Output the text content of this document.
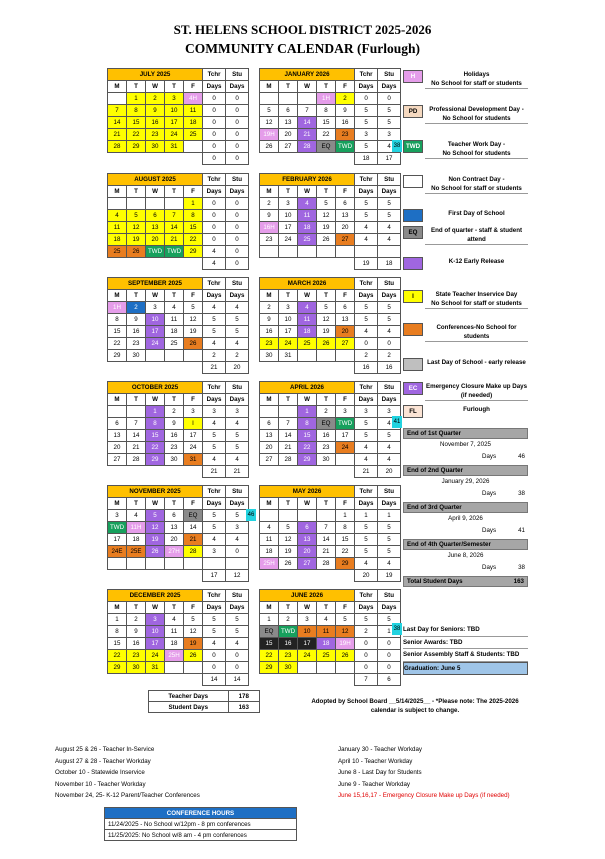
ST. HELENS SCHOOL DISTRICT 2025-2026
COMMUNITY CALENDAR (Furlough)
JULY 2025					Tchr	Stu
M	T	W	T	F	Days	Days
	1	2	3	4H	0	0
7	8	9	10	11	0	0
14	15	16	17	18	0	0
21	22	23	24	25	0	0
28	29	30	31		0	0
					0	0
JANUARY 2026					Tchr	Stu
M	T	W	T	F	Days	Days
			1H	2	0	0
5	6	7	8	9	5	5
12	13	14	15	16	5	5
19H	20	21	22	23	3	3
26	27	28	EQ	TWD	5	4
					18	17
AUGUST 2025					Tchr	Stu
M	T	W	T	F	Days	Days
				1	0	0
4	5	6	7	8	0	0
11	12	13	14	15	0	0
18	19	20	21	22	0	0
25	26	TWD	TWD	29	4	0
					4	0
FEBRUARY 2026					Tchr	Stu
M	T	W	T	F	Days	Days
2	3	4	5	6	5	5
9	10	11	12	13	5	5
16H	17	18	19	20	4	4
23	24	25	26	27	4	4

					19	18
SEPTEMBER 2025					Tchr	Stu
M	T	W	T	F	Days	Days
1H	2	3	4	5	4	4
8	9	10	11	12	5	5
15	16	17	18	19	5	5
22	23	24	25	26	4	4
29	30				2	2
					21	20
MARCH 2026					Tchr	Stu
M	T	W	T	F	Days	Days
2	3	4	5	6	5	5
9	10	11	12	13	5	5
16	17	18	19	20	4	4
23	24	25	26	27	0	0
30	31				2	2
					16	16
OCTOBER 2025					Tchr	Stu
M	T	W	T	F	Days	Days
		1	2	3	3	3
6	7	8	9	I	4	4
13	14	15	16	17	5	5
20	21	22	23	24	5	5
27	28	29	30	31	4	4
					21	21
APRIL 2026					Tchr	Stu
M	T	W	T	F	Days	Days
		1	2	3	3	3
6	7	8	EQ	TWD	5	4
13	14	15	16	17	5	5
20	21	22	23	24	4	4
27	28	29	30		4	4
					21	20
NOVEMBER 2025					Tchr	Stu
M	T	W	T	F	Days	Days
3	4	5	6	EQ	5	5
TWD	11H	12	13	14	5	3
17	18	19	20	21	4	4
24E	25E	26	27H	28	3	0

					17	12
MAY 2026					Tchr	Stu
M	T	W	T	F	Days	Days
				1	1	1
4	5	6	7	8	5	5
11	12	13	14	15	5	5
18	19	20	21	22	5	5
25H	26	27	28	29	4	4
					20	19
DECEMBER 2025					Tchr	Stu
M	T	W	T	F	Days	Days
1	2	3	4	5	5	5
8	9	10	11	12	5	5
15	16	17	18	19	4	4
22	23	24	25H	26	0	0
29	30	31			0	0
					14	14
JUNE 2026					Tchr	Stu
M	T	W	T	F	Days	Days
1	2	3	4	5	5	5
EQ	TWD	10	11	12	2	1
15	16	17	18	19H	0	0
22	23	24	25	26	0	0
29	30				0	0
					7	6
38
41
46
38
H	Holidays
No School for staff or students
PD	Professional Development Day -
No School for students
TWD	Teacher Work Day -
No School for students
Non Contract Day -
No School for staff or students
First Day of School
EQ	End of quarter - staff & student
attend
K-12 Early Release
I	State Teacher Inservice Day
No School for staff or students
Conferences-No School for
students
Last Day of School - early release
EC	Emergency Closure Make up Days
(if needed)
FL	Furlough
End of 1st Quarter
November 7, 2025
Days	46
End of 2nd Quarter
January 29, 2026
Days	38
End of 3rd Quarter
April 9, 2026
Days	41
End of 4th Quarter/Semester
June 8, 2026
Days	38
Total Student Days	163
Last Day for Seniors: TBD
Senior Awards: TBD
Senior Assembly Staff & Students: TBD
Graduation: June 5
Teacher Days	178
Student Days	163
Adopted by School Board __5/14/2025__ - *Please note: The 2025-2026 calendar is subject to change.
August 25 & 26 - Teacher In-Service
August 27 & 28 - Teacher Workday
October 10 - Statewide Inservice
November 10 - Teacher Workday
November 24, 25- K-12 Parent/Teacher Conferences
January 30 - Teacher Workday
April 10 - Teacher Workday
June 8 - Last Day for Students
June 9 - Teacher Workday
June 15,16,17 - Emergency Closure Make up Days (if needed)
CONFERENCE HOURS
11/24/2025 - No School w/12pm - 8 pm conferences
11/25/2025: No School w/8 am - 4 pm conferences
